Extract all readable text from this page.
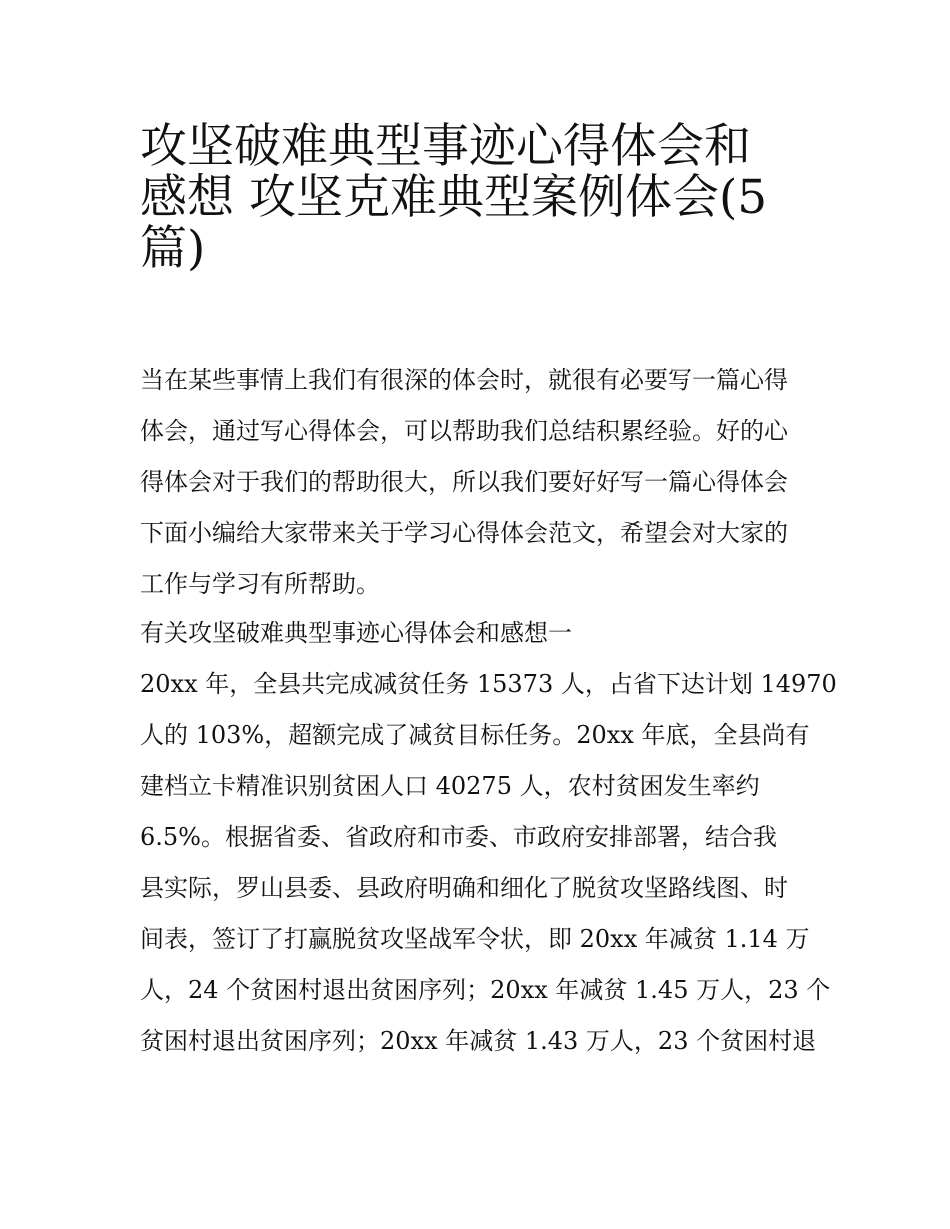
攻坚破难典型事迹心得体会和
感想 攻坚克难典型案例体会(5
篇)
当在某些事情上我们有很深的体会时，就很有必要写一篇心得
体会，通过写心得体会，可以帮助我们总结积累经验。好的心
得体会对于我们的帮助很大，所以我们要好好写一篇心得体会
下面小编给大家带来关于学习心得体会范文，希望会对大家的
工作与学习有所帮助。
有关攻坚破难典型事迹心得体会和感想一
20xx 年，全县共完成减贫任务 15373 人，占省下达计划 14970
人的 103%，超额完成了减贫目标任务。20xx 年底，全县尚有
建档立卡精准识别贫困人口 40275 人，农村贫困发生率约
6.5%。根据省委、省政府和市委、市政府安排部署，结合我
县实际，罗山县委、县政府明确和细化了脱贫攻坚路线图、时
间表，签订了打赢脱贫攻坚战军令状，即 20xx 年减贫 1.14 万
人，24 个贫困村退出贫困序列；20xx 年减贫 1.45 万人，23 个
贫困村退出贫困序列；20xx 年减贫 1.43 万人，23 个贫困村退
